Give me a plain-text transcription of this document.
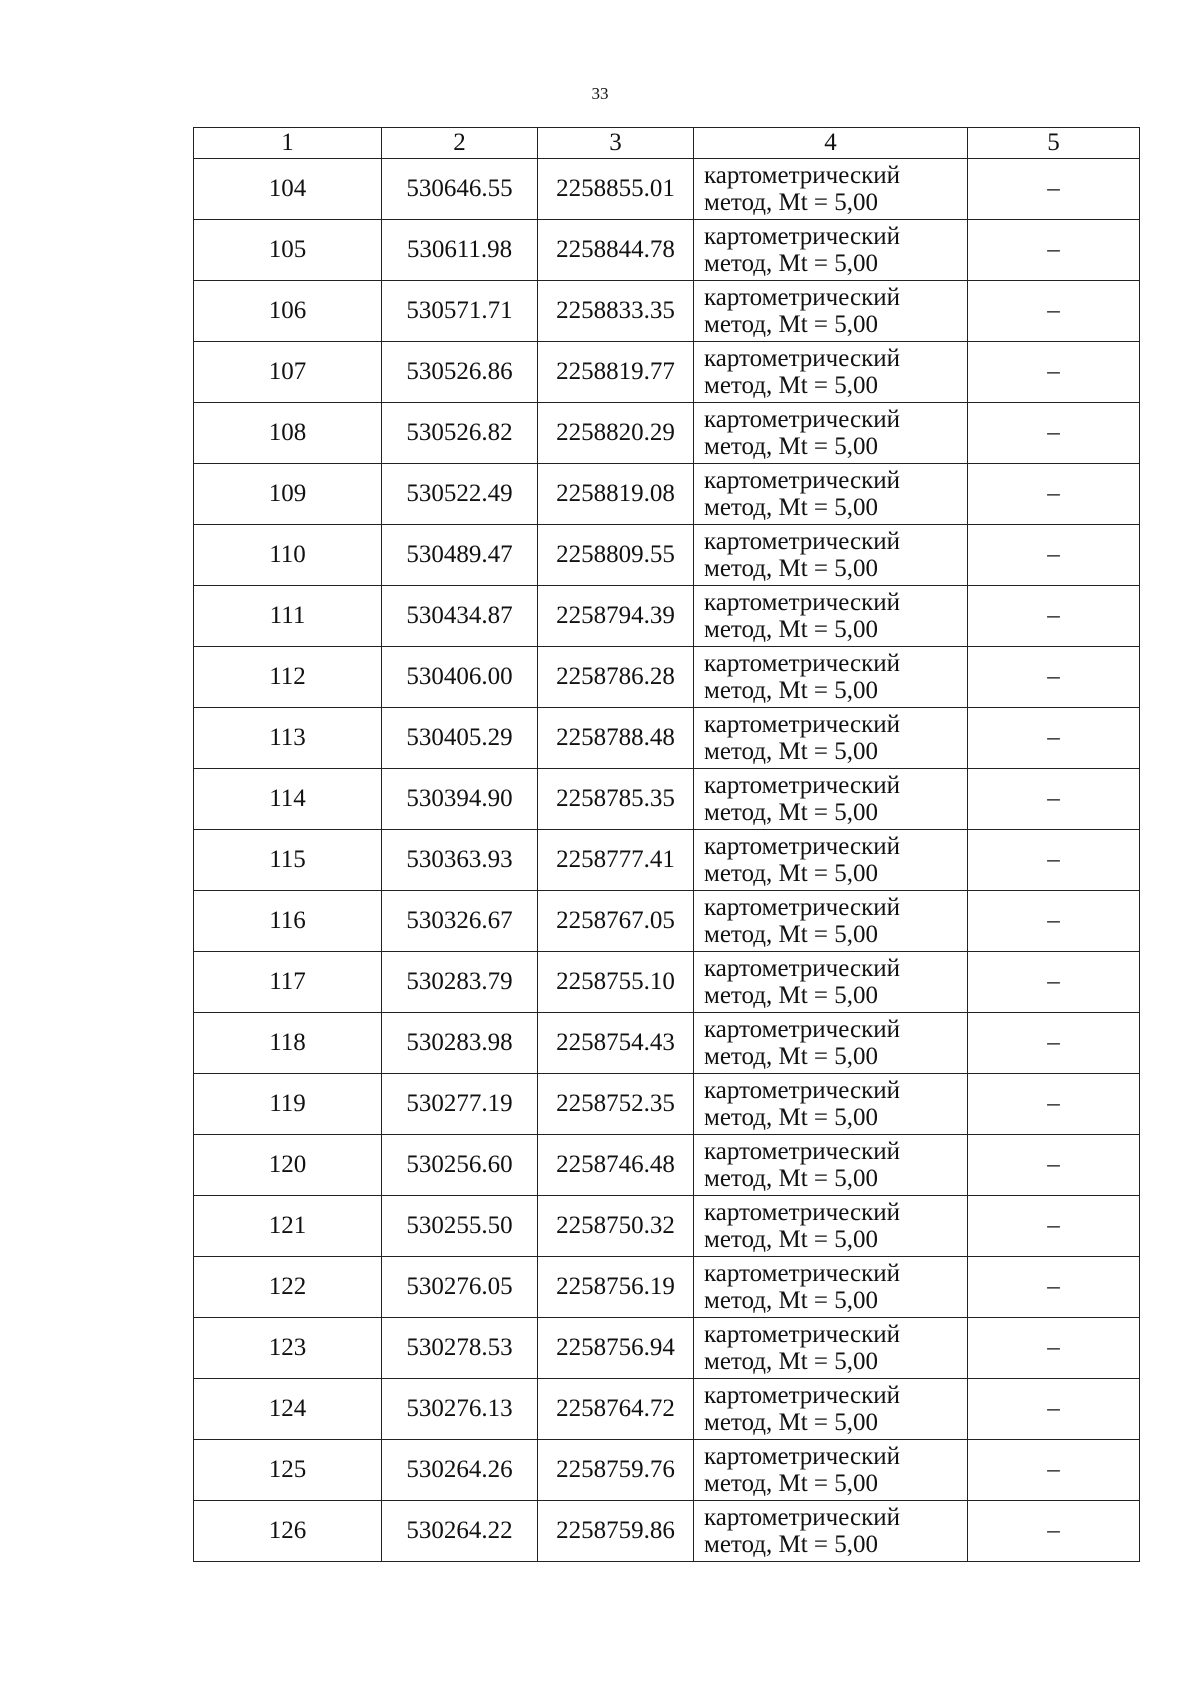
33
1	2	3	4	5
104	530646.55	2258855.01	картометрический
метод, Mt = 5,00	–
105	530611.98	2258844.78	картометрический
метод, Mt = 5,00	–
106	530571.71	2258833.35	картометрический
метод, Mt = 5,00	–
107	530526.86	2258819.77	картометрический
метод, Mt = 5,00	–
108	530526.82	2258820.29	картометрический
метод, Mt = 5,00	–
109	530522.49	2258819.08	картометрический
метод, Mt = 5,00	–
110	530489.47	2258809.55	картометрический
метод, Mt = 5,00	–
111	530434.87	2258794.39	картометрический
метод, Mt = 5,00	–
112	530406.00	2258786.28	картометрический
метод, Mt = 5,00	–
113	530405.29	2258788.48	картометрический
метод, Mt = 5,00	–
114	530394.90	2258785.35	картометрический
метод, Mt = 5,00	–
115	530363.93	2258777.41	картометрический
метод, Mt = 5,00	–
116	530326.67	2258767.05	картометрический
метод, Mt = 5,00	–
117	530283.79	2258755.10	картометрический
метод, Mt = 5,00	–
118	530283.98	2258754.43	картометрический
метод, Mt = 5,00	–
119	530277.19	2258752.35	картометрический
метод, Mt = 5,00	–
120	530256.60	2258746.48	картометрический
метод, Mt = 5,00	–
121	530255.50	2258750.32	картометрический
метод, Mt = 5,00	–
122	530276.05	2258756.19	картометрический
метод, Mt = 5,00	–
123	530278.53	2258756.94	картометрический
метод, Mt = 5,00	–
124	530276.13	2258764.72	картометрический
метод, Mt = 5,00	–
125	530264.26	2258759.76	картометрический
метод, Mt = 5,00	–
126	530264.22	2258759.86	картометрический
метод, Mt = 5,00	–
